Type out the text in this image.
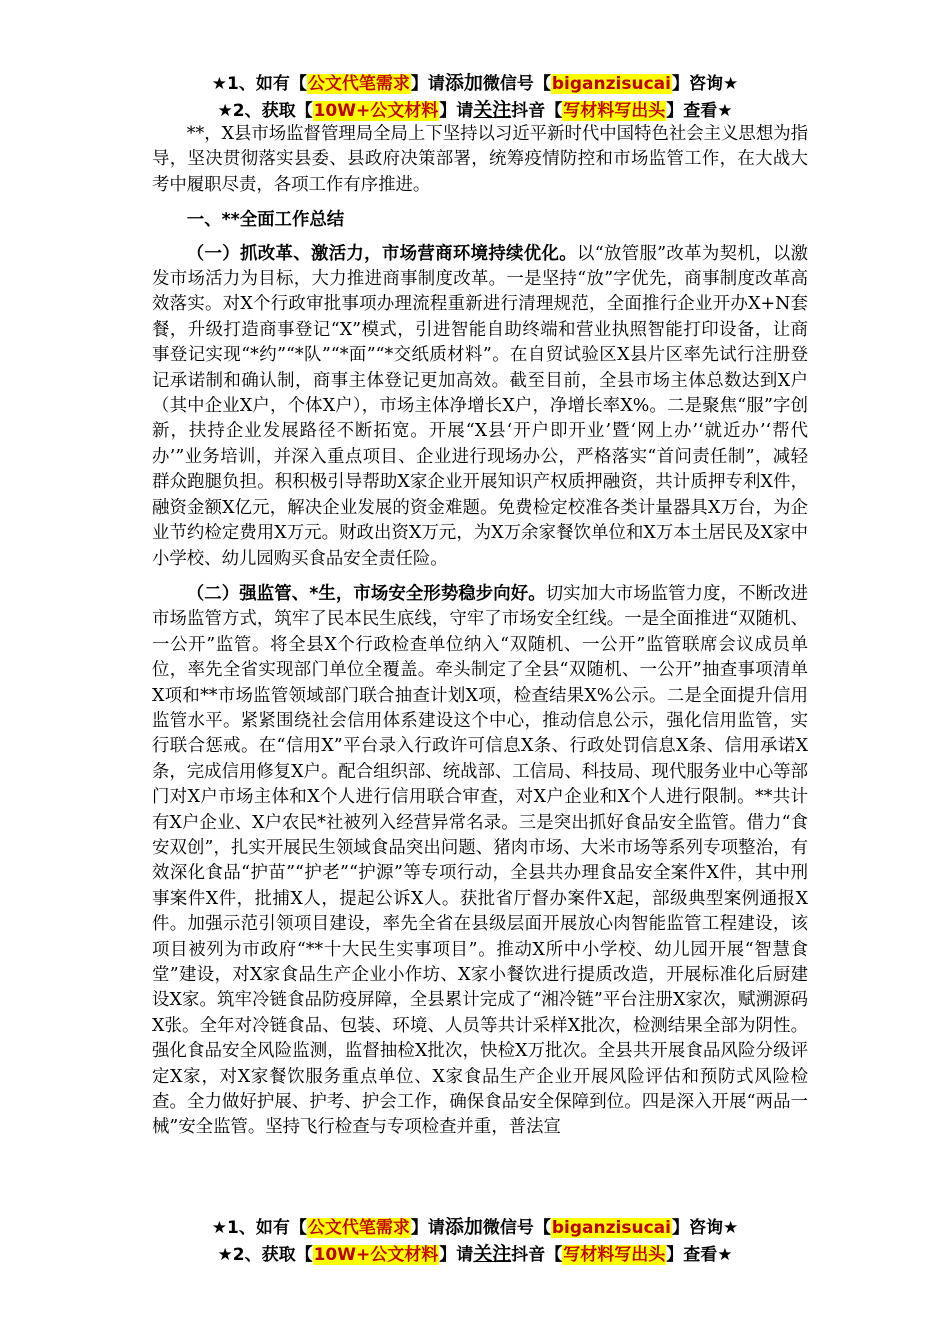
★1、如有【公文代笔需求】请添加微信号【biganzisucai】咨询★
★2、获取【10W+公文材料】请关注抖音【写材料写出头】查看★

**，X县市场监督管理局全局上下坚持以习近平新时代中国特色社会主义思想为指导，坚决贯彻落实县委、县政府决策部署，统筹疫情防控和市场监管工作，在大战大考中履职尽责，各项工作有序推进。

一、**全面工作总结

（一）抓改革、激活力，市场营商环境持续优化。以“放管服”改革为契机，以激发市场活力为目标，大力推进商事制度改革。一是坚持“放”字优先，商事制度改革高效落实。对X个行政审批事项办理流程重新进行清理规范，全面推行企业开办X+N套餐，升级打造商事登记“X”模式，引进智能自助终端和营业执照智能打印设备，让商事登记实现“*约”“*队”“*面”“*交纸质材料”。在自贸试验区X县片区率先试行注册登记承诺制和确认制，商事主体登记更加高效。截至目前，全县市场主体总数达到X户（其中企业X户，个体X户），市场主体净增长X户，净增长率X%。二是聚焦“服”字创新，扶持企业发展路径不断拓宽。开展“X县‘开户即开业’暨‘网上办’‘就近办’‘帮代办’”业务培训，并深入重点项目、企业进行现场办公，严格落实“首问责任制”，减轻群众跑腿负担。积积极引导帮助X家企业开展知识产权质押融资，共计质押专利X件，融资金额X亿元，解决企业发展的资金难题。免费检定校准各类计量器具X万台，为企业节约检定费用X万元。财政出资X万元，为X万余家餐饮单位和X万本土居民及X家中小学校、幼儿园购买食品安全责任险。

（二）强监管、*生，市场安全形势稳步向好。切实加大市场监管力度，不断改进市场监管方式，筑牢了民本民生底线，守牢了市场安全红线。一是全面推进“双随机、一公开”监管。将全县X个行政检查单位纳入“双随机、一公开”监管联席会议成员单位，率先全省实现部门单位全覆盖。牵头制定了全县“双随机、一公开”抽查事项清单X项和**市场监管领域部门联合抽查计划X项，检查结果X%公示。二是全面提升信用监管水平。紧紧围绕社会信用体系建设这个中心，推动信息公示，强化信用监管，实行联合惩戒。在“信用X”平台录入行政许可信息X条、行政处罚信息X条、信用承诺X条，完成信用修复X户。配合组织部、统战部、工信局、科技局、现代服务业中心等部门对X户市场主体和X个人进行信用联合审查，对X户企业和X个人进行限制。**共计有X户企业、X户农民*社被列入经营异常名录。三是突出抓好食品安全监管。借力“食安双创”，扎实开展民生领域食品突出问题、猪肉市场、大米市场等系列专项整治，有效深化食品“护苗”“护老”“护源”等专项行动，全县共办理食品安全案件X件，其中刑事案件X件，批捕X人，提起公诉X人。获批省厅督办案件X起，部级典型案例通报X件。加强示范引领项目建设，率先全省在县级层面开展放心肉智能监管工程建设，该项目被列为市政府“**十大民生实事项目”。推动X所中小学校、幼儿园开展“智慧食堂”建设，对X家食品生产企业小作坊、X家小餐饮进行提质改造，开展标准化后厨建设X家。筑牢冷链食品防疫屏障，全县累计完成了“湘冷链”平台注册X家次，赋溯源码X张。全年对冷链食品、包装、环境、人员等共计采样X批次，检测结果全部为阴性。强化食品安全风险监测，监督抽检X批次，快检X万批次。全县共开展食品风险分级评定X家，对X家餐饮服务重点单位、X家食品生产企业开展风险评估和预防式风险检查。全力做好护展、护考、护会工作，确保食品安全保障到位。四是深入开展“两品一械”安全监管。坚持飞行检查与专项检查并重，普法宣

★1、如有【公文代笔需求】请添加微信号【biganzisucai】咨询★
★2、获取【10W+公文材料】请关注抖音【写材料写出头】查看★
